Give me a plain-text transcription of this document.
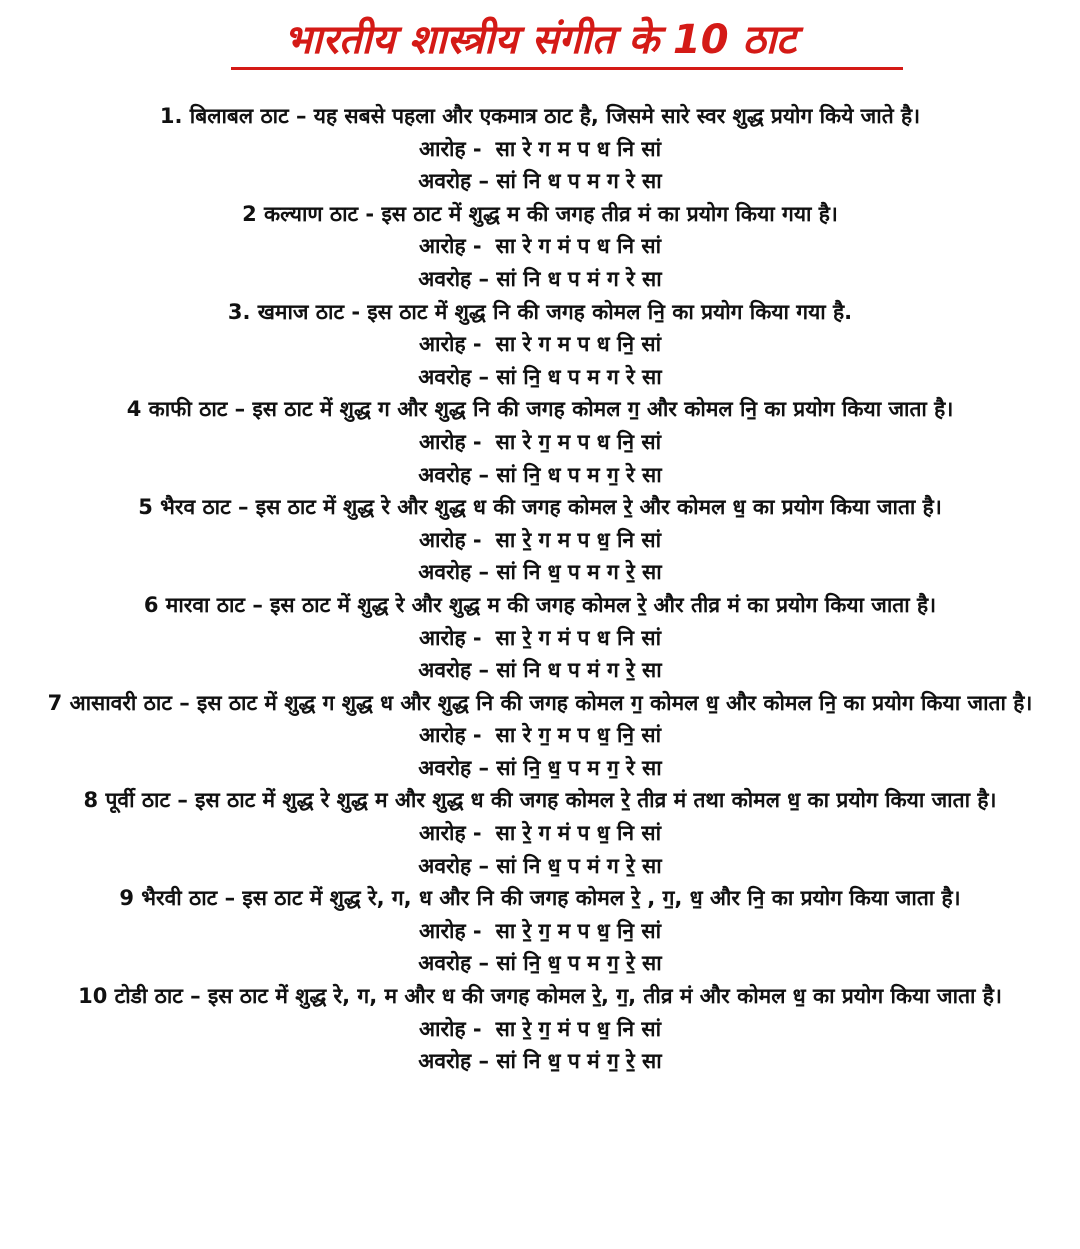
भारतीय शास्त्रीय संगीत के 10 ठाट
1. बिलाबल ठाट – यह सबसे पहला और एकमात्र ठाट है, जिसमे सारे स्वर शुद्ध प्रयोग किये जाते है।
आरोह - सा रे ग म प ध नि सां
अवरोह – सां नि ध प म ग रे सा
2 कल्याण ठाट - इस ठाट में शुद्ध म की जगह तीव्र मं का प्रयोग किया गया है।
आरोह - सा रे ग मं प ध नि सां
अवरोह – सां नि ध प मं ग रे सा
3. खमाज ठाट - इस ठाट में शुद्ध नि की जगह कोमल नि॒ का प्रयोग किया गया है.
आरोह - सा रे ग म प ध नि॒ सां
अवरोह – सां नि॒ ध प म ग रे सा
4 काफी ठाट – इस ठाट में शुद्ध ग और शुद्ध नि की जगह कोमल ग॒ और कोमल नि॒ का प्रयोग किया जाता है।
आरोह - सा रे ग॒ म प ध नि॒ सां
अवरोह – सां नि॒ ध प म ग॒ रे सा
5 भैरव ठाट – इस ठाट में शुद्ध रे और शुद्ध ध की जगह कोमल रे॒ और कोमल ध॒ का प्रयोग किया जाता है।
आरोह - सा रे॒ ग म प ध॒ नि सां
अवरोह – सां नि ध॒ प म ग रे॒ सा
6 मारवा ठाट – इस ठाट में शुद्ध रे और शुद्ध म की जगह कोमल रे॒ और तीव्र मं का प्रयोग किया जाता है।
आरोह - सा रे॒ ग मं प ध नि सां
अवरोह – सां नि ध प मं ग रे॒ सा
7 आसावरी ठाट – इस ठाट में शुद्ध ग शुद्ध ध और शुद्ध नि की जगह कोमल ग॒ कोमल ध॒ और कोमल नि॒ का प्रयोग किया जाता है।
आरोह - सा रे ग॒ म प ध॒ नि॒ सां
अवरोह – सां नि॒ ध॒ प म ग॒ रे सा
8 पूर्वी ठाट – इस ठाट में शुद्ध रे शुद्ध म और शुद्ध ध की जगह कोमल रे॒ तीव्र मं तथा कोमल ध॒ का प्रयोग किया जाता है।
आरोह - सा रे॒ ग मं प ध॒ नि सां
अवरोह – सां नि ध॒ प मं ग रे॒ सा
9 भैरवी ठाट – इस ठाट में शुद्ध रे, ग, ध और नि की जगह कोमल रे॒ , ग॒, ध॒ और नि॒ का प्रयोग किया जाता है।
आरोह - सा रे॒ ग॒ म प ध॒ नि॒ सां
अवरोह – सां नि॒ ध॒ प म ग॒ रे॒ सा
10 टोडी ठाट – इस ठाट में शुद्ध रे, ग, म और ध की जगह कोमल रे॒, ग॒, तीव्र मं और कोमल ध॒ का प्रयोग किया जाता है।
आरोह - सा रे॒ ग॒ मं प ध॒ नि सां
अवरोह – सां नि ध॒ प मं ग॒ रे॒ सा
